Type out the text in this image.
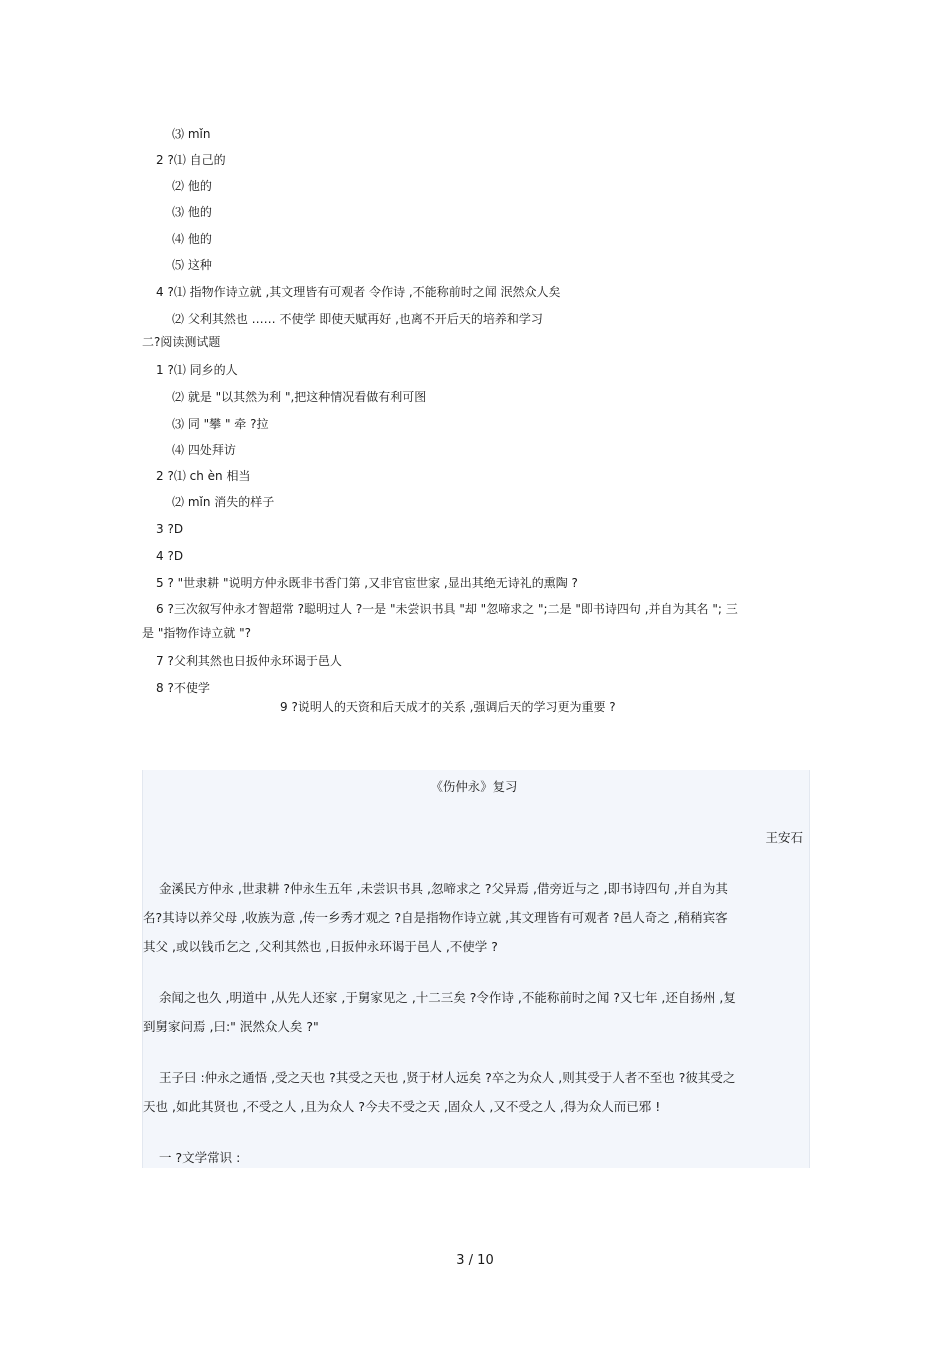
⑶ mǐn
2 ?⑴ 自己的
⑵ 他的
⑶ 他的
⑷ 他的
⑸ 这种
4 ?⑴ 指物作诗立就 ,其文理皆有可观者 令作诗 ,不能称前时之闻 泯然众人矣
⑵ 父利其然也 …… 不使学 即使天赋再好 ,也离不开后天的培养和学习
二?阅读测试题
1 ?⑴ 同乡的人
⑵ 就是 "以其然为利 ",把这种情况看做有利可图
⑶ 同 "攀 " 牵 ?拉
⑷ 四处拜访
2 ?⑴ ch èn 相当
⑵ mǐn 消失的样子
3 ?D
4 ?D
5 ? "世隶耕 "说明方仲永既非书香门第 ,又非官宦世家 ,显出其绝无诗礼的熏陶 ?
6 ?三次叙写仲永才智超常 ?聪明过人 ?一是 "未尝识书具 "却 "忽啼求之 ";二是 "即书诗四句 ,并自为其名 "; 三
是 "指物作诗立就 "?
7 ?父利其然也日扳仲永环谒于邑人
8 ?不使学
9 ?说明人的天资和后天成才的关系 ,强调后天的学习更为重要 ?
《伤仲永》复习
王安石
金溪民方仲永 ,世隶耕 ?仲永生五年 ,未尝识书具 ,忽啼求之 ?父异焉 ,借旁近与之 ,即书诗四句 ,并自为其
名?其诗以养父母 ,收族为意 ,传一乡秀才观之 ?自是指物作诗立就 ,其文理皆有可观者 ?邑人奇之 ,稍稍宾客
其父 ,或以钱币乞之 ,父利其然也 ,日扳仲永环谒于邑人 ,不使学 ?
余闻之也久 ,明道中 ,从先人还家 ,于舅家见之 ,十二三矣 ?令作诗 ,不能称前时之闻 ?又七年 ,还自扬州 ,复
到舅家问焉 ,曰:" 泯然众人矣 ?"
王子曰 :仲永之通悟 ,受之天也 ?其受之天也 ,贤于材人远矣 ?卒之为众人 ,则其受于人者不至也 ?彼其受之
天也 ,如此其贤也 ,不受之人 ,且为众人 ?今夫不受之天 ,固众人 ,又不受之人 ,得为众人而已邪 !
一 ?文学常识 :
3 / 10
